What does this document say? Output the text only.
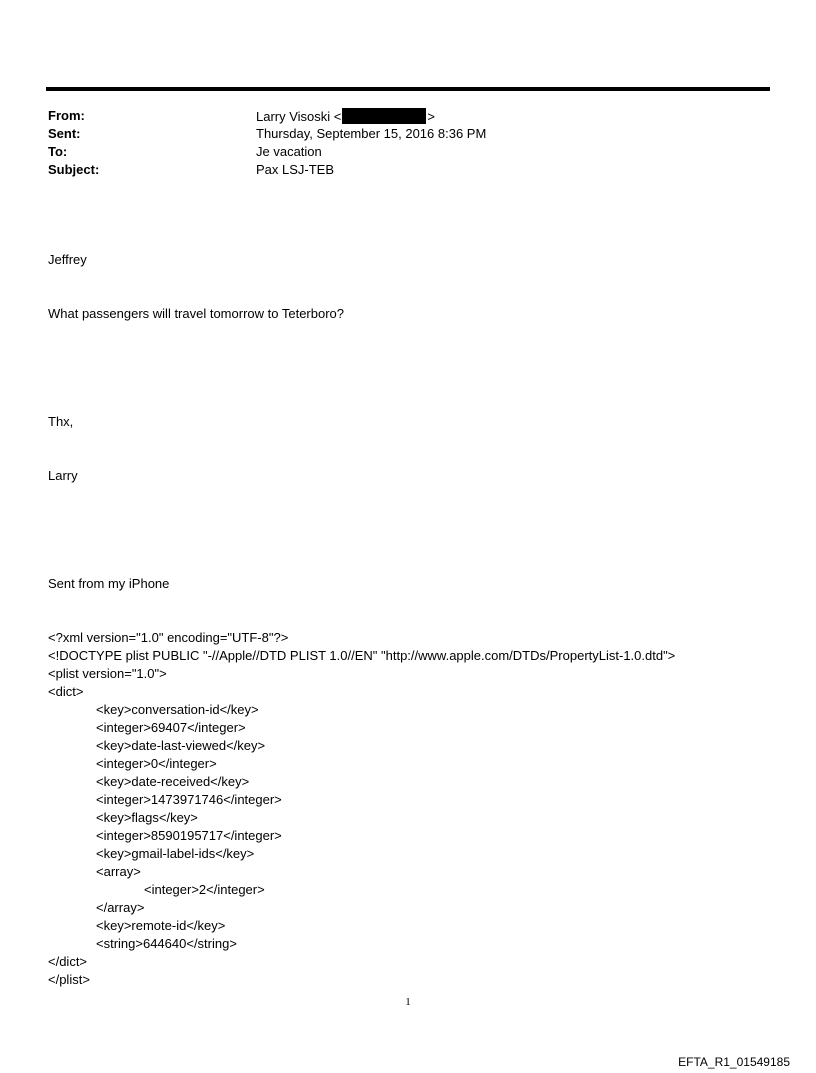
From:	Larry Visoski <	>
Sent:	Thursday, September 15, 2016 8:36 PM
To:	Je vacation
Subject:	Pax LSJ-TEB

Jeffrey

What passengers will travel tomorrow to Teterboro?

Thx,

Larry

Sent from my iPhone

<?xml version="1.0" encoding="UTF-8"?>
<!DOCTYPE plist PUBLIC "-//Apple//DTD PLIST 1.0//EN" "http://www.apple.com/DTDs/PropertyList-1.0.dtd">
<plist version="1.0">
<dict>
<key>conversation-id</key>
<integer>69407</integer>
<key>date-last-viewed</key>
<integer>0</integer>
<key>date-received</key>
<integer>1473971746</integer>
<key>flags</key>
<integer>8590195717</integer>
<key>gmail-label-ids</key>
<array>
<integer>2</integer>
</array>
<key>remote-id</key>
<string>644640</string>
</dict>
</plist>

1
EFTA_R1_01549185
